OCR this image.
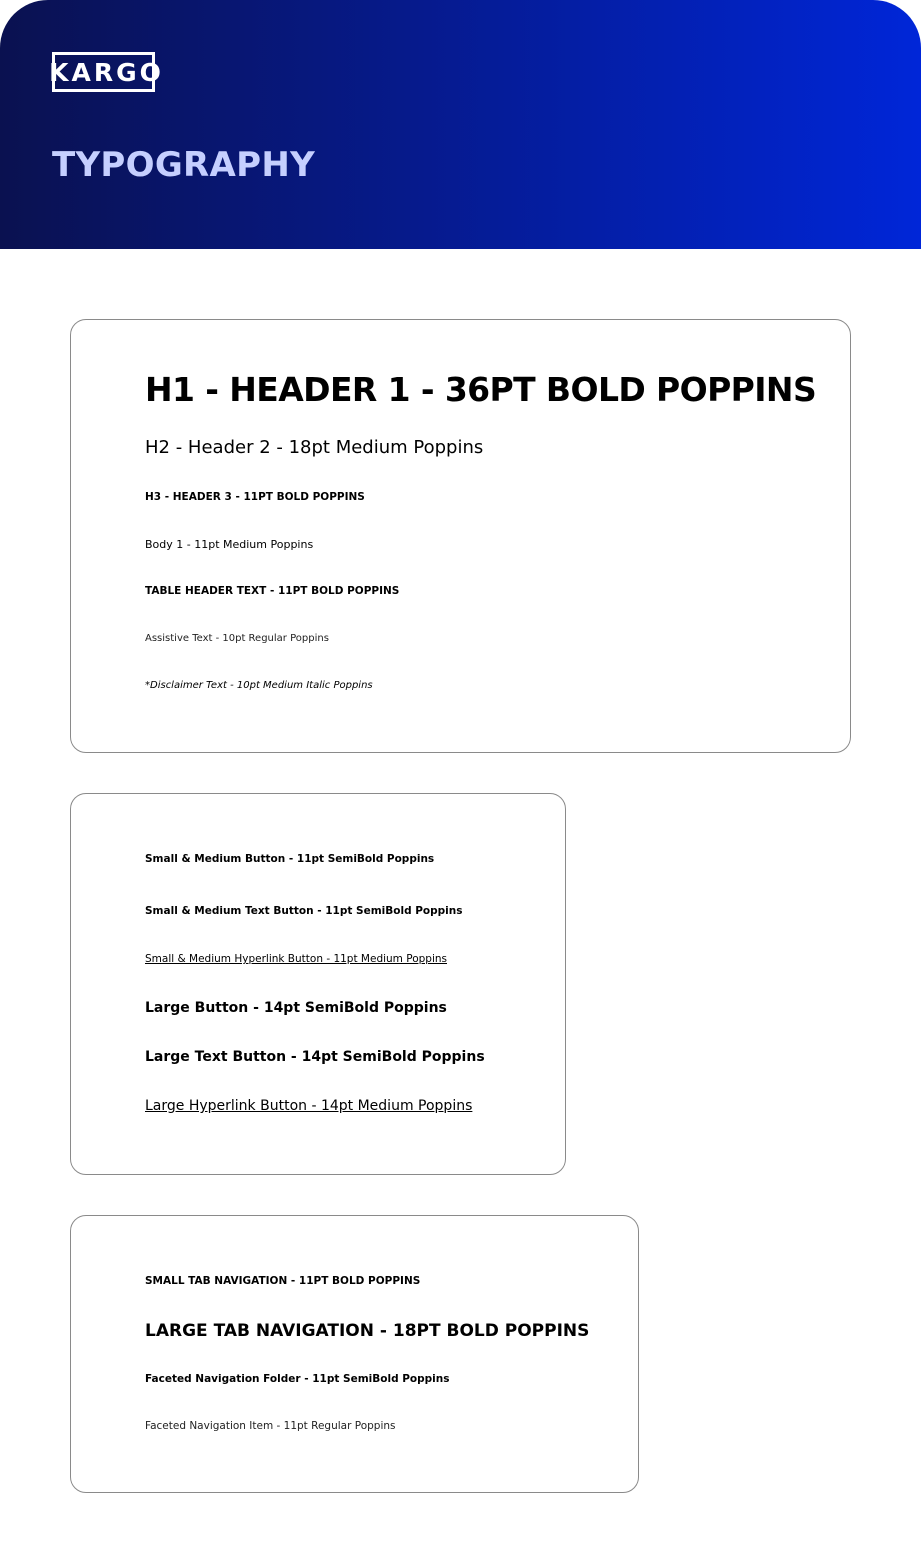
KARGO
TYPOGRAPHY

H1 - HEADER 1 - 36PT BOLD POPPINS

H2 - Header 2 - 18pt Medium Poppins

H3 - HEADER 3 - 11PT BOLD POPPINS

Body 1 - 11pt Medium Poppins

TABLE HEADER TEXT - 11PT BOLD POPPINS

Assistive Text - 10pt Regular Poppins

*Disclaimer Text - 10pt Medium Italic Poppins

Small & Medium Button - 11pt SemiBold Poppins

Small & Medium Text Button - 11pt SemiBold Poppins

Small & Medium Hyperlink Button - 11pt Medium Poppins

Large Button - 14pt SemiBold Poppins

Large Text Button - 14pt SemiBold Poppins

Large Hyperlink Button - 14pt Medium Poppins

SMALL TAB NAVIGATION - 11PT BOLD POPPINS

LARGE TAB NAVIGATION - 18PT BOLD POPPINS

Faceted Navigation Folder - 11pt SemiBold Poppins

Faceted Navigation Item - 11pt Regular Poppins
